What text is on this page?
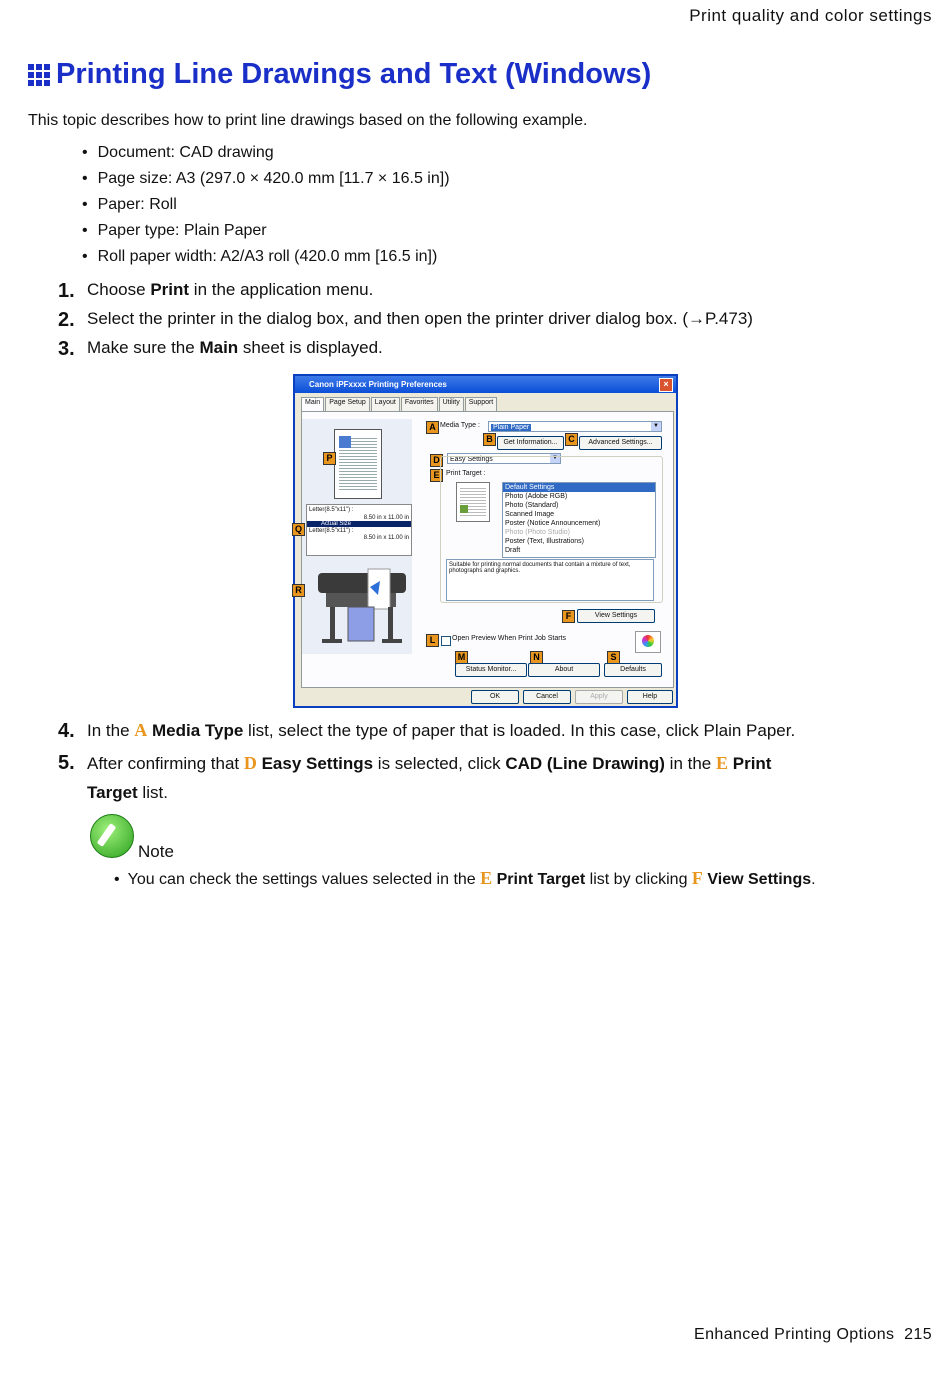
Print quality and color settings
Printing Line Drawings and Text (Windows)
This topic describes how to print line drawings based on the following example.
• Document: CAD drawing
• Page size: A3 (297.0 × 420.0 mm [11.7 × 16.5 in])
• Paper: Roll
• Paper type: Plain Paper
• Roll paper width: A2/A3 roll (420.0 mm [16.5 in])
1. Choose Print in the application menu.
2. Select the printer in the dialog box, and then open the printer driver dialog box. (→P.473)
3. Make sure the Main sheet is displayed.
Canon iPFxxxx Printing Preferences	×
Main	Page Setup	Layout	Favorites	Utility	Support
Letter(8.5"x11") :
8.50 in x 11.00 in
Actual Size
Letter(8.5"x11") :
8.50 in x 11.00 in
P
Q
R
A Media Type :	Plain Paper	▼
B	Get Information...	C	Advanced Settings...
D	Easy Settings	▼
E Print Target :
Default Settings
Photo (Adobe RGB)
Photo (Standard)
Scanned Image
Poster (Notice Announcement)
Photo (Photo Studio)
Poster (Text, Illustrations)
Draft
Suitable for printing normal documents that contain a mixture of text, photographs and graphics.
F	View Settings
L	Open Preview When Print Job Starts
M	N	S
Status Monitor...	About	Defaults
OK	Cancel	Apply	Help
4. In the A Media Type list, select the type of paper that is loaded. In this case, click Plain Paper.
5. After confirming that D Easy Settings is selected, click CAD (Line Drawing) in the E Print
Target list.
Note
• You can check the settings values selected in the E Print Target list by clicking F View Settings.
Enhanced Printing Options 215
